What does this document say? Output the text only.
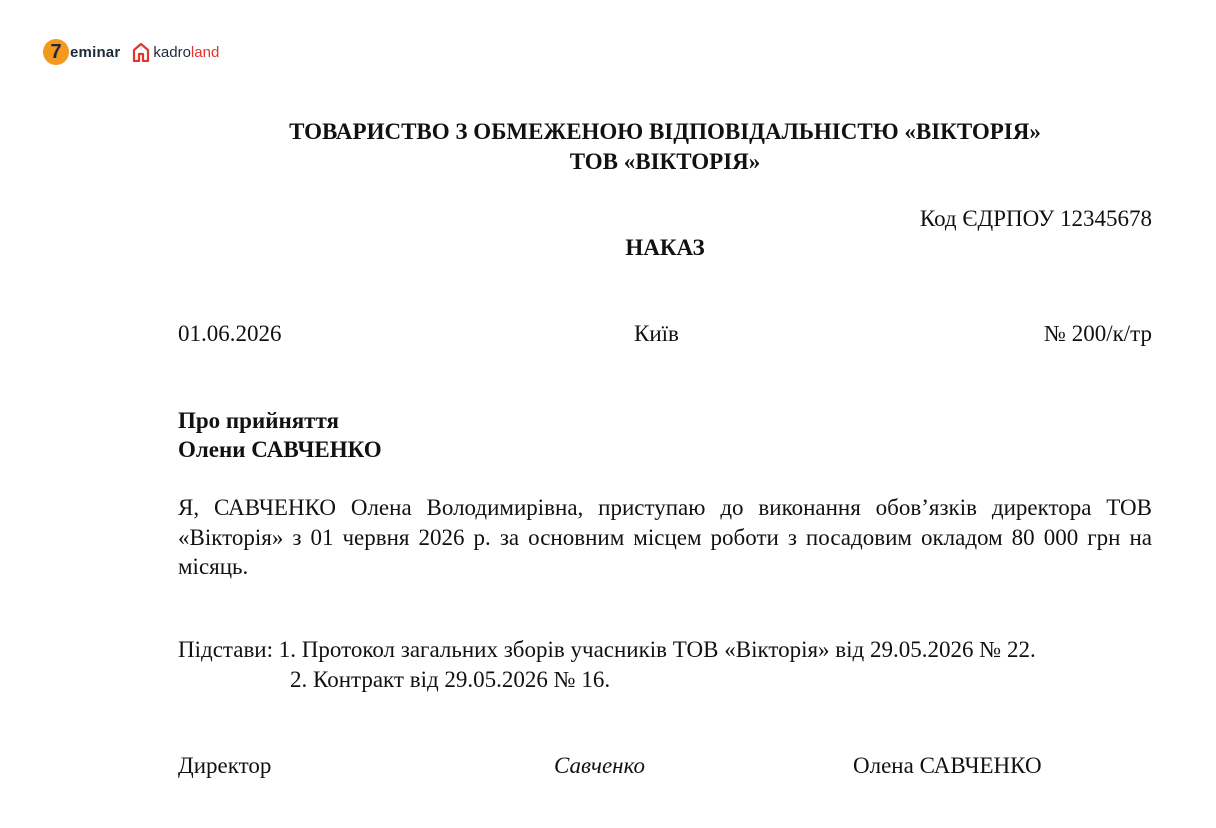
7 eminar kadroland
ТОВАРИСТВО З ОБМЕЖЕНОЮ ВІДПОВІДАЛЬНІСТЮ «ВІКТОРІЯ»
ТОВ «ВІКТОРІЯ»
Код ЄДРПОУ 12345678
НАКАЗ
01.06.2026	Київ	№ 200/к/тр
Про прийняття
Олени САВЧЕНКО
Я, САВЧЕНКО Олена Володимирівна, приступаю до виконання обов’язків директора ТОВ «Вікторія» з 01 червня 2026 р. за основним місцем роботи з посадовим окладом 80 000 грн на місяць.
Підстави: 1. Протокол загальних зборів учасників ТОВ «Вікторія» від 29.05.2026 № 22.
2. Контракт від 29.05.2026 № 16.
Директор	Савченко	Олена САВЧЕНКО
